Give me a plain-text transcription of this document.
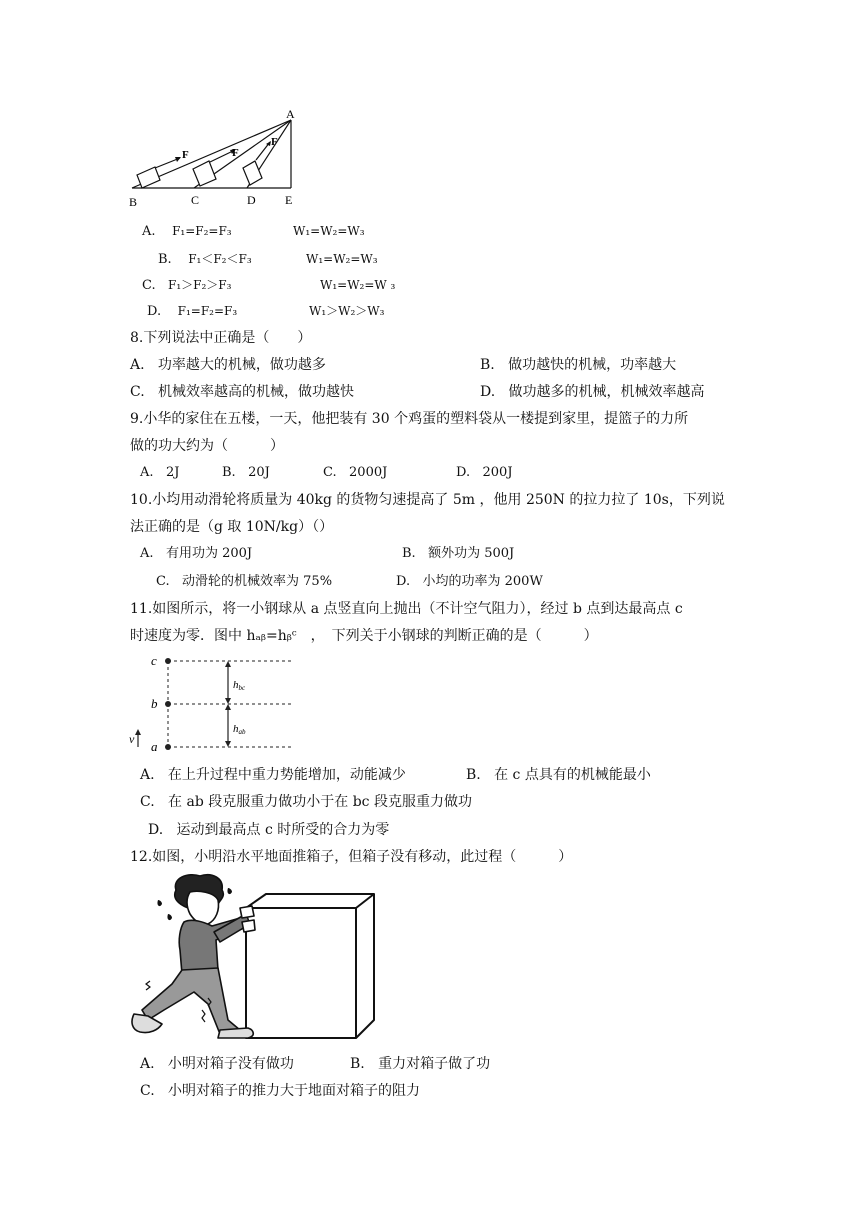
A
B	C	D E
F	F
F
A. F₁=F₂=F₃	W₁=W₂=W₃
B. F₁＜F₂＜F₃	W₁=W₂=W₃
C. F₁＞F₂＞F₃	W₁=W₂=W ₃
D. F₁=F₂=F₃	W₁＞W₂＞W₃
8.下列说法中正确是（　　）
A. 功率越大的机械，做功越多	B. 做功越快的机械，功率越大
C. 机械效率越高的机械，做功越快	D. 做功越多的机械，机械效率越高
9.小华的家住在五楼，一天，他把装有 30 个鸡蛋的塑料袋从一楼提到家里，提篮子的力所
做的功大约为（　　　）
A. 2J	B. 20J	C. 2000J	D. 200J
10.小均用动滑轮将质量为 40kg 的货物匀速提高了 5m ，他用 250N 的拉力拉了 10s，下列说
法正确的是（g 取 10N/kg）（）
A. 有用功为 200J	B. 额外功为 500J
C. 动滑轮的机械效率为 75%	D. 小均的功率为 200W
11.如图所示，将一小钢球从 a 点竖直向上抛出（不计空气阻力），经过 b 点到达最高点 c
时速度为零．图中 hₐᵦ=hᵦᶜ　，　下列关于小钢球的判断正确的是（　　　）
c
b
a
v
hbc
hab
A. 在上升过程中重力势能增加，动能减少	B. 在 c 点具有的机械能最小
C. 在 ab 段克服重力做功小于在 bc 段克服重力做功
D. 运动到最高点 c 时所受的合力为零
12.如图，小明沿水平地面推箱子，但箱子没有移动，此过程（　　　）
A. 小明对箱子没有做功	B. 重力对箱子做了功
C. 小明对箱子的推力大于地面对箱子的阻力
